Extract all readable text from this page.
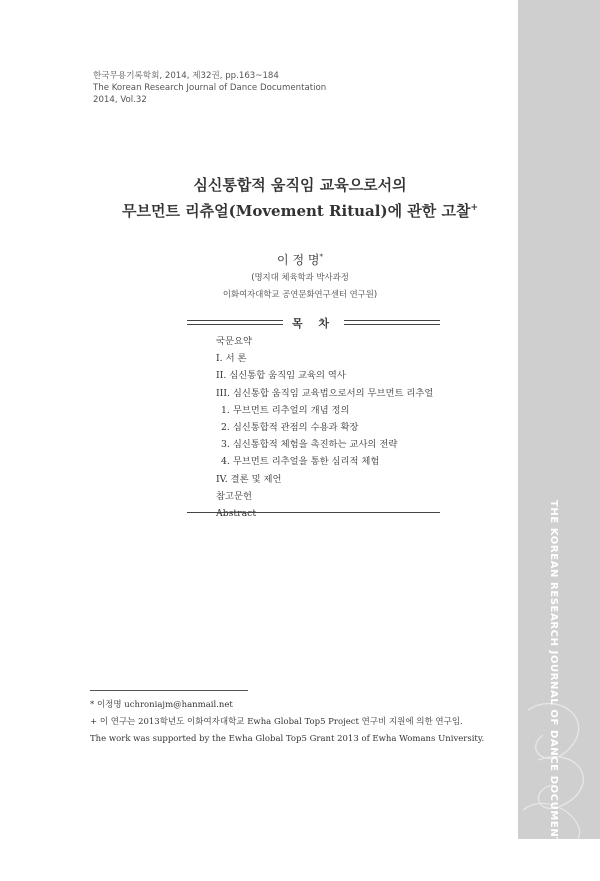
THE KOREAN RESEARCH JOURNAL OF DANCE DOCUMENTATION
한국무용기록학회, 2014, 제32권, pp.163~184
The Korean Research Journal of Dance Documentation
2014, Vol.32
심신통합적 움직임 교육으로서의
무브먼트 리츄얼(Movement Ritual)에 관한 고찰+
이 정 명*
(명지대 체육학과 박사과정
이화여자대학교 공연문화연구센터 연구원)
목 차
국문요약
I. 서 론
II. 심신통합 움직임 교육의 역사
III. 심신통합 움직임 교육법으로서의 무브먼트 리추얼
1. 무브먼트 리추얼의 개념 정의
2. 심신통합적 관점의 수용과 확장
3. 심신통합적 체험을 촉진하는 교사의 전략
4. 무브먼트 리추얼을 통한 심리적 체험
IV. 결론 및 제언
참고문헌
Abstract
* 이정명 uchroniajm@hanmail.net
+ 이 연구는 2013학년도 이화여자대학교 Ewha Global Top5 Project 연구비 지원에 의한 연구임.
The work was supported by the Ewha Global Top5 Grant 2013 of Ewha Womans University.
